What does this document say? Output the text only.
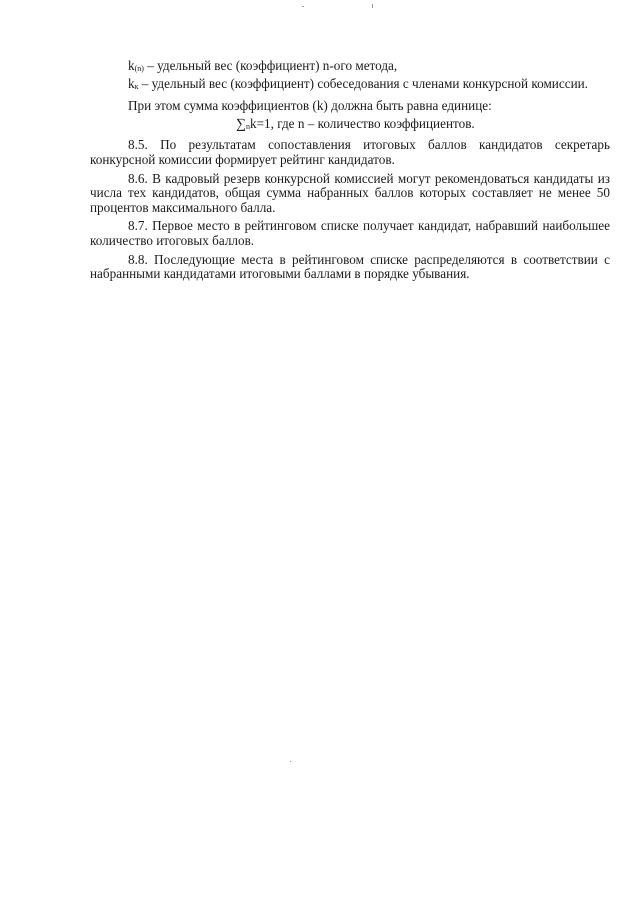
k(n) – удельный вес (коэффициент) n-ого метода,

kк – удельный вес (коэффициент) собеседования с членами конкурсной комиссии.

При этом сумма коэффициентов (k) должна быть равна единице:

∑nk=1, где n – количество коэффициентов.

8.5. По результатам сопоставления итоговых баллов кандидатов секретарь конкурсной комиссии формирует рейтинг кандидатов.

8.6. В кадровый резерв конкурсной комиссией могут рекомендоваться кандидаты из числа тех кандидатов, общая сумма набранных баллов которых составляет не менее 50 процентов максимального балла.

8.7. Первое место в рейтинговом списке получает кандидат, набравший наибольшее количество итоговых баллов.

8.8. Последующие места в рейтинговом списке распределяются в соответствии с набранными кандидатами итоговыми баллами в порядке убывания.
